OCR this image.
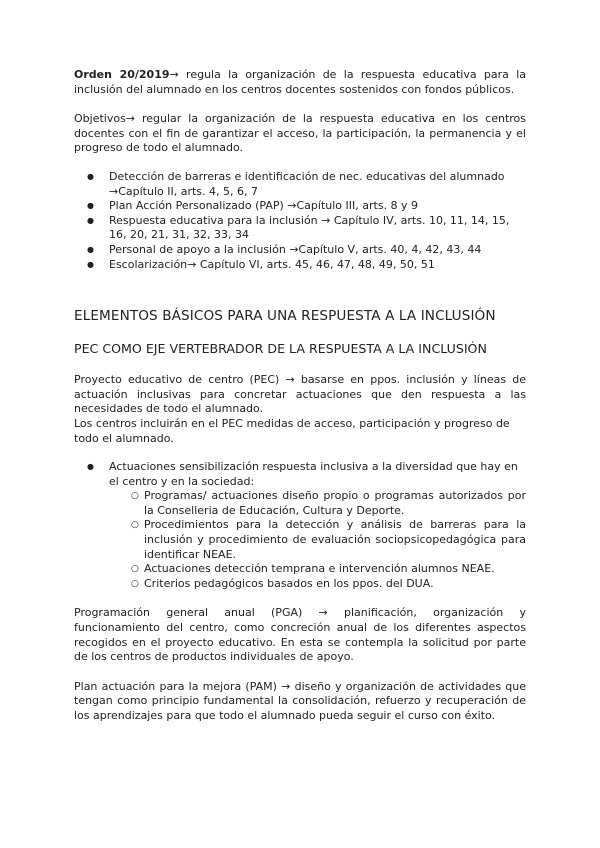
Orden 20/2019→ regula la organización de la respuesta educativa para la inclusión del alumnado en los centros docentes sostenidos con fondos públicos.

Objetivos→ regular la organización de la respuesta educativa en los centros docentes con el fin de garantizar el acceso, la participación, la permanencia y el progreso de todo el alumnado.

● Detección de barreras e identificación de nec. educativas del alumnado →Capítulo II, arts. 4, 5, 6, 7
● Plan Acción Personalizado (PAP) →Capítulo III, arts. 8 y 9
● Respuesta educativa para la inclusión → Capítulo IV, arts. 10, 11, 14, 15, 16, 20, 21, 31, 32, 33, 34
● Personal de apoyo a la inclusión →Capítulo V, arts. 40, 4, 42, 43, 44
● Escolarización→ Capítulo VI, arts. 45, 46, 47, 48, 49, 50, 51
ELEMENTOS BÁSICOS PARA UNA RESPUESTA A LA INCLUSIÓN
PEC COMO EJE VERTEBRADOR DE LA RESPUESTA A LA INCLUSIÓN

Proyecto educativo de centro (PEC) → basarse en ppos. inclusión y líneas de actuación inclusivas para concretar actuaciones que den respuesta a las necesidades de todo el alumnado.

Los centros incluirán en el PEC medidas de acceso, participación y progreso de todo el alumnado.

● Actuaciones sensibilización respuesta inclusiva a la diversidad que hay en el centro y en la sociedad:
○ Programas/ actuaciones diseño propio o programas autorizados por la Conselleria de Educación, Cultura y Deporte.
○ Procedimientos para la detección y análisis de barreras para la inclusión y procedimiento de evaluación sociopsicopedagógica para identificar NEAE.
○ Actuaciones detección temprana e intervención alumnos NEAE.
○ Criterios pedagógicos basados en los ppos. del DUA.

Programación general anual (PGA) → planificación, organización y funcionamiento del centro, como concreción anual de los diferentes aspectos recogidos en el proyecto educativo. En esta se contempla la solicitud por parte de los centros de productos individuales de apoyo.

Plan actuación para la mejora (PAM) → diseño y organización de actividades que tengan como principio fundamental la consolidación, refuerzo y recuperación de los aprendizajes para que todo el alumnado pueda seguir el curso con éxito.
